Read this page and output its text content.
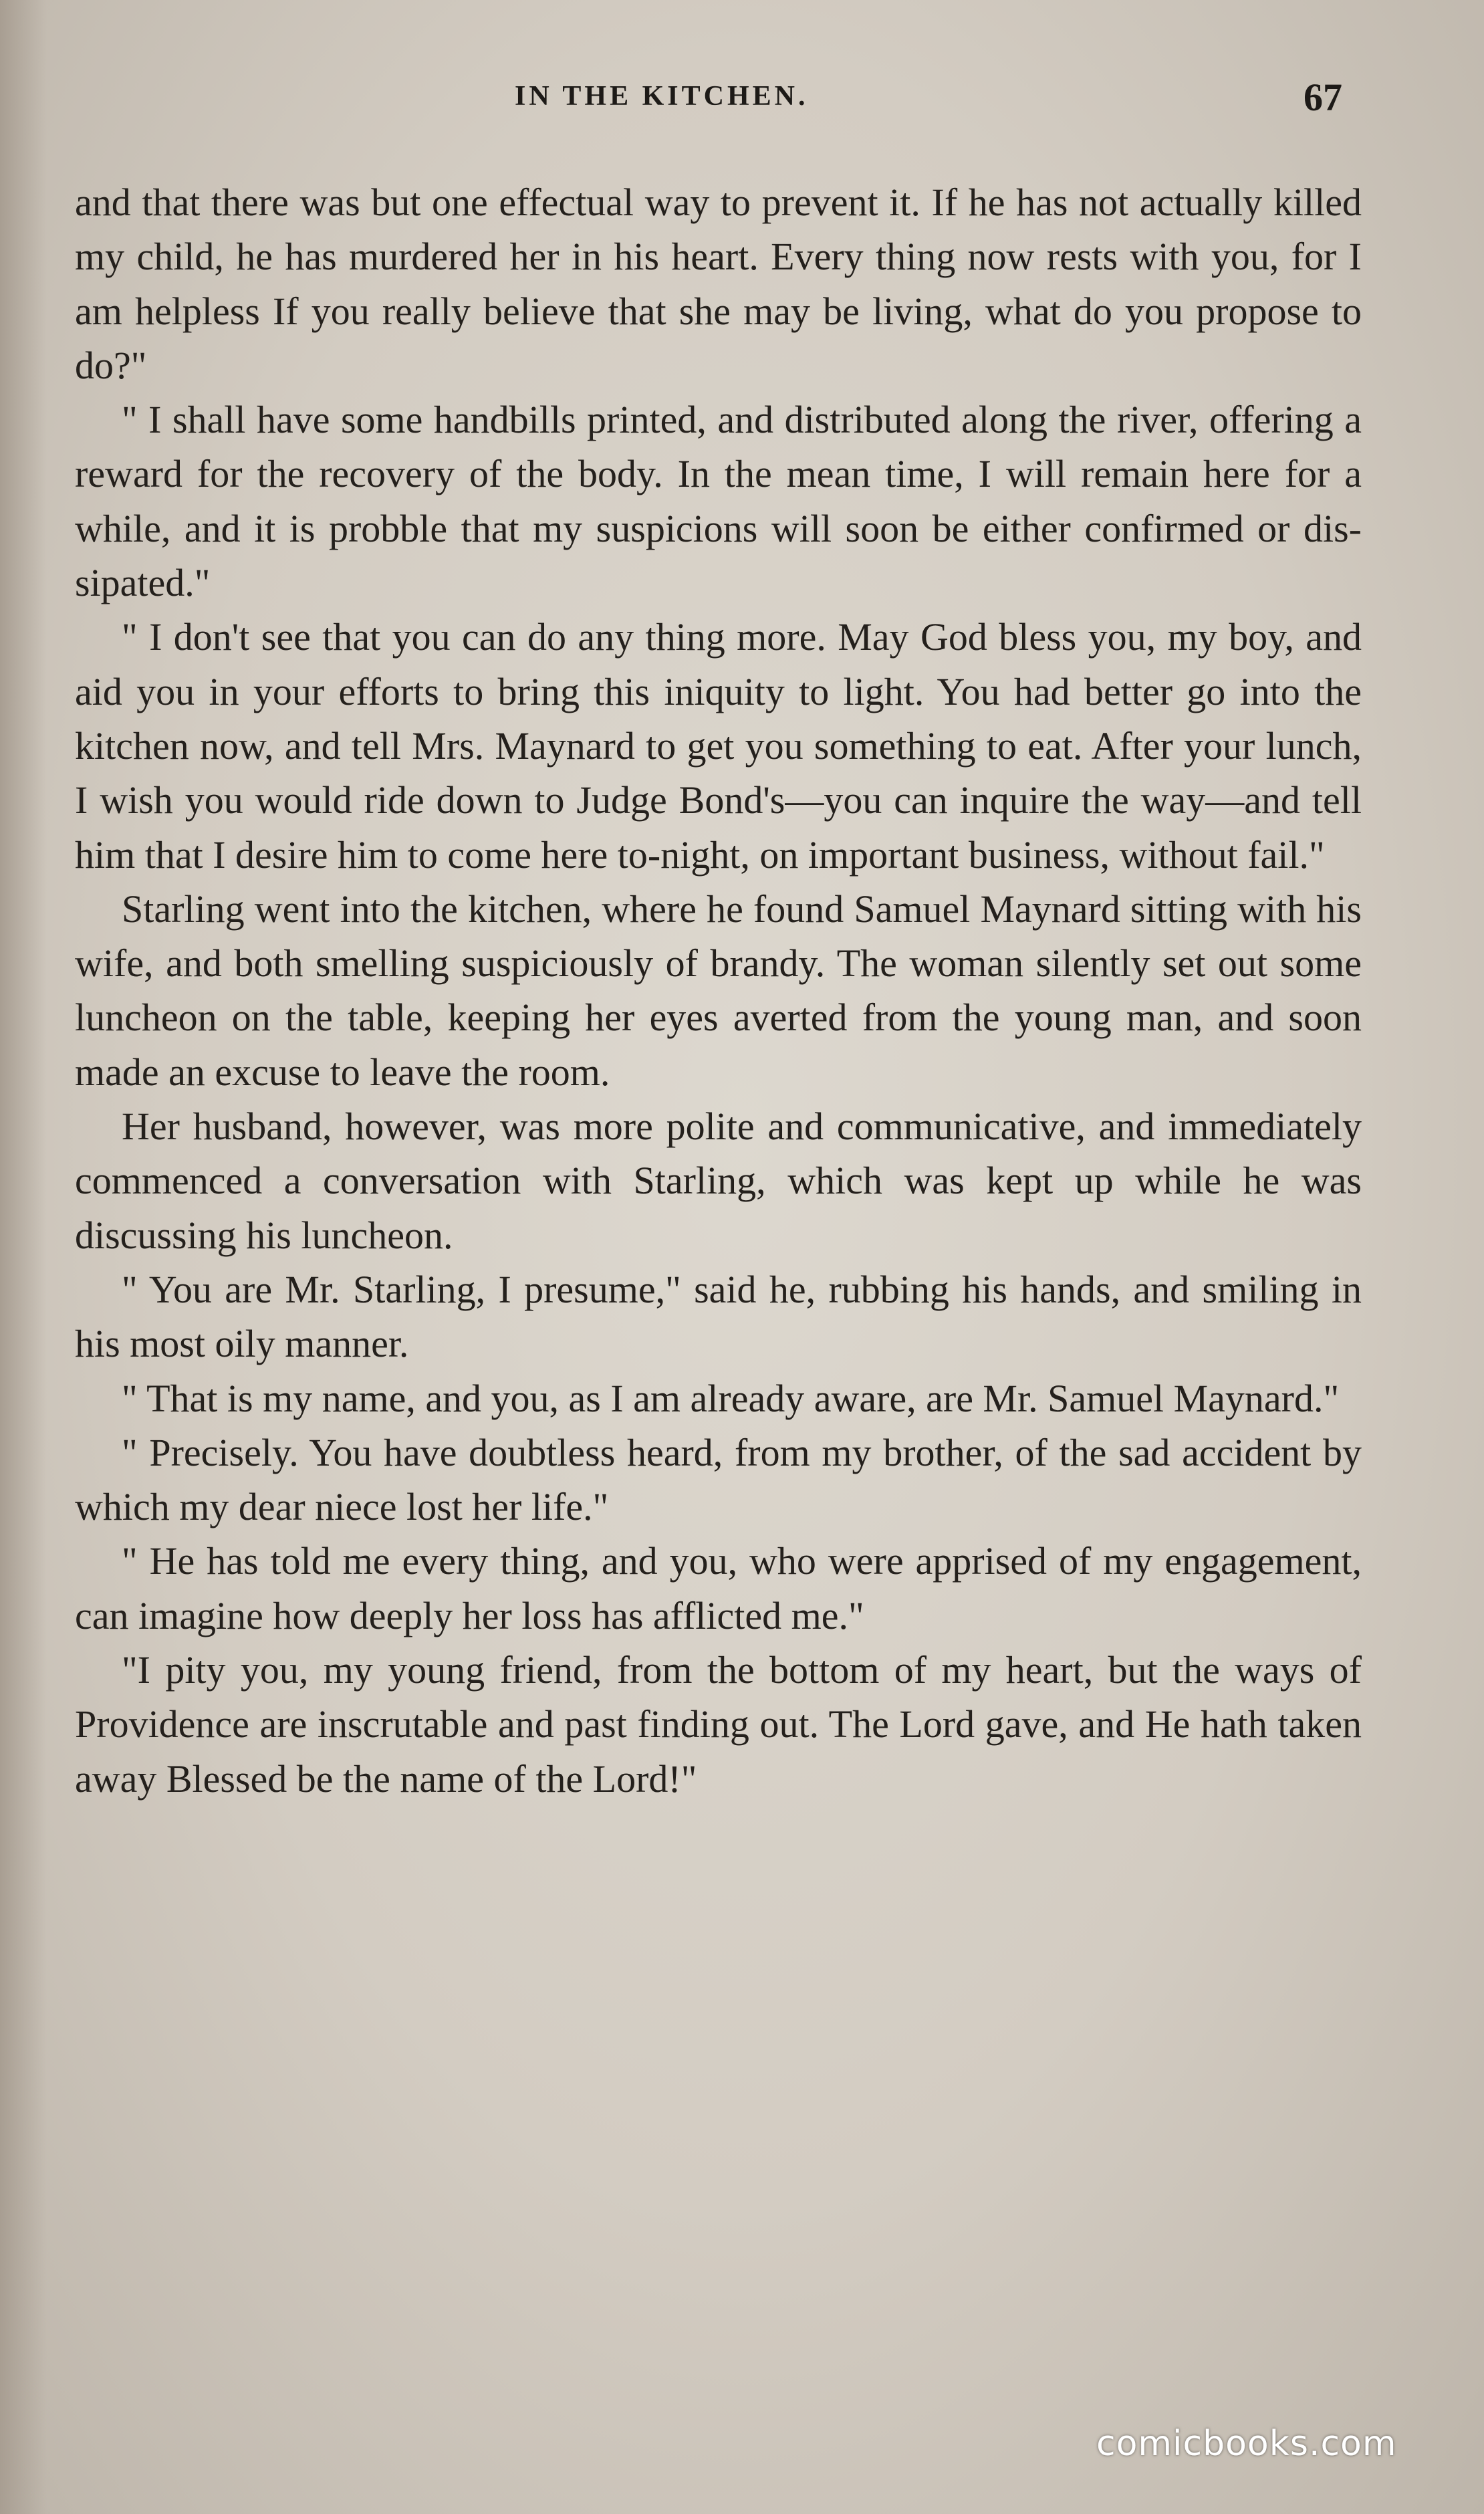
IN THE KITCHEN.	67

and that there was but one effectual way to prevent it. If he has not actually killed my child, he has murdered her in his heart. Every thing now rests with you, for I am helpless If you really believe that she may be living, what do you propose to do?"

" I shall have some handbills printed, and distributed along the river, offering a reward for the recovery of the body. In the mean time, I will remain here for a while, and it is probble that my suspicions will soon be either confirmed or dissipated."

" I don't see that you can do any thing more. May God bless you, my boy, and aid you in your efforts to bring this iniquity to light. You had better go into the kitchen now, and tell Mrs. Maynard to get you something to eat. After your lunch, I wish you would ride down to Judge Bond's—you can inquire the way—and tell him that I desire him to come here to-night, on important business, without fail."

Starling went into the kitchen, where he found Samuel Maynard sitting with his wife, and both smelling suspiciously of brandy. The woman silently set out some luncheon on the table, keeping her eyes averted from the young man, and soon made an excuse to leave the room.

Her husband, however, was more polite and communicative, and immediately commenced a conversation with Starling, which was kept up while he was discussing his luncheon.

" You are Mr. Starling, I presume," said he, rubbing his hands, and smiling in his most oily manner.

" That is my name, and you, as I am already aware, are Mr. Samuel Maynard."

" Precisely. You have doubtless heard, from my brother, of the sad accident by which my dear niece lost her life."

" He has told me every thing, and you, who were apprised of my engagement, can imagine how deeply her loss has afflicted me."

"I pity you, my young friend, from the bottom of my heart, but the ways of Providence are inscrutable and past finding out. The Lord gave, and He hath taken away Blessed be the name of the Lord!"

comicbooks.com
